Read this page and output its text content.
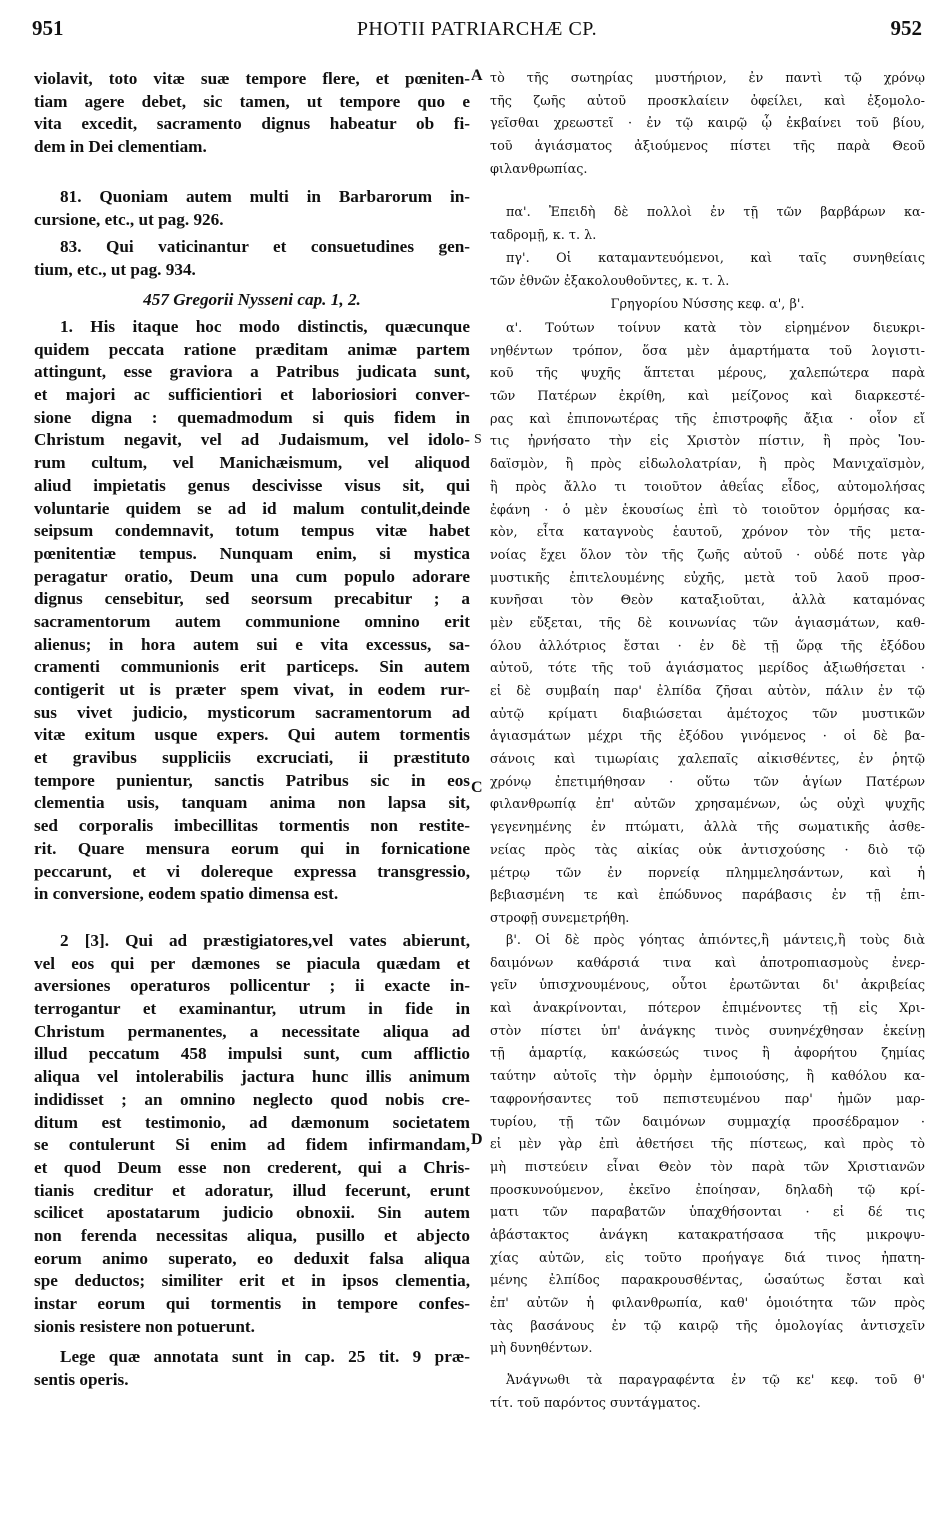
951	PHOTII PATRIARCHÆ CP.	952
A
S
C
D
violavit, toto vitæ suæ tempore flere, et pœniten-
tiam agere debet, sic tamen, ut tempore quo e
vita excedit, sacramento dignus habeatur ob fi-
dem in Dei clementiam.
81. Quoniam autem multi in Barbarorum in-
cursione, etc., ut pag. 926.
83. Qui vaticinantur et consuetudines gen-
tium, etc., ut pag. 934.
457 Gregorii Nysseni cap. 1, 2.
1. His itaque hoc modo distinctis, quæcunque
quidem peccata ratione præditam animæ partem
attingunt, esse graviora a Patribus judicata sunt,
et majori ac sufficientiori et laboriosiori conver-
sione digna : quemadmodum si quis fidem in
Christum negavit, vel ad Judaismum, vel idolo-
rum cultum, vel Manichæismum, vel aliquod
aliud impietatis genus descivisse visus sit, qui
voluntarie quidem se ad id malum contulit,deinde
seipsum condemnavit, totum tempus vitæ habet
pœnitentiæ tempus. Nunquam enim, si mystica
peragatur oratio, Deum una cum populo adorare
dignus censebitur, sed seorsum precabitur ; a
sacramentorum autem communione omnino erit
alienus; in hora autem sui e vita excessus, sa-
cramenti communionis erit particeps. Sin autem
contigerit ut is præter spem vivat, in eodem rur-
sus vivet judicio, mysticorum sacramentorum ad
vitæ exitum usque expers. Qui autem tormentis
et gravibus suppliciis excruciati, ii præstituto
tempore punientur, sanctis Patribus sic in eos
clementia usis, tanquam anima non lapsa sit,
sed corporalis imbecillitas tormentis non restite-
rit. Quare mensura eorum qui in fornicatione
peccarunt, et vi dolereque expressa transgressio,
in conversione, eodem spatio dimensa est.
2 [3]. Qui ad præstigiatores,vel vates abierunt,
vel eos qui per dæmones se piacula quædam et
aversiones operaturos pollicentur ; ii exacte in-
terrogantur et examinantur, utrum in fide in
Christum permanentes, a necessitate aliqua ad
illud peccatum 458 impulsi sunt, cum afflictio
aliqua vel intolerabilis jactura hunc illis animum
indidisset ; an omnino neglecto quod nobis cre-
ditum est testimonio, ad dæmonum societatem
se contulerunt Si enim ad fidem infirmandam,
et quod Deum esse non crederent, qui a Chris-
tianis creditur et adoratur, illud fecerunt, erunt
scilicet apostatarum judicio obnoxii. Sin autem
non ferenda necessitas aliqua, pusillo et abjecto
eorum animo superato, eo deduxit falsa aliqua
spe deductos; similiter erit et in ipsos clementia,
instar eorum qui tormentis in tempore confes-
sionis resistere non potuerunt.
Lege quæ annotata sunt in cap. 25 tit. 9 præ-
sentis operis.
τὸ τῆς σωτηρίας μυστήριον, ἐν παντὶ τῷ χρόνῳ
τῆς ζωῆς αὐτοῦ προσκλαίειν ὀφείλει, καὶ ἐξομολο-
γεῖσθαι χρεωστεῖ · ἐν τῷ καιρῷ ᾧ ἐκβαίνει τοῦ βίου,
τοῦ ἁγιάσματος ἀξιούμενος πίστει τῆς παρὰ Θεοῦ
φιλανθρωπίας.
πα'. Ἐπειδὴ δὲ πολλοὶ ἐν τῇ τῶν βαρβάρων κα-
ταδρομῇ, κ. τ. λ.
πγ'. Οἱ καταμαντευόμενοι, καὶ ταῖς συνηθείαις
τῶν ἐθνῶν ἐξακολουθοῦντες, κ. τ. λ.
Γρηγορίου Νύσσης κεφ. α', β'.
α'. Τούτων τοίνυν κατὰ τὸν εἰρημένον διευκρι-
νηθέντων τρόπον, ὅσα μὲν ἁμαρτήματα τοῦ λογιστι-
κοῦ τῆς ψυχῆς ἅπτεται μέρους, χαλεπώτερα παρὰ
τῶν Πατέρων ἐκρίθη, καὶ μείζονος καὶ διαρκεστέ-
ρας καὶ ἐπιπονωτέρας τῆς ἐπιστροφῆς ἄξια · οἷον εἴ
τις ἠρνήσατο τὴν εἰς Χριστὸν πίστιν, ἢ πρὸς Ἰου-
δαϊσμὸν, ἢ πρὸς εἰδωλολατρίαν, ἢ πρὸς Μανιχαϊσμὸν,
ἢ πρὸς ἄλλο τι τοιοῦτον ἀθεΐας εἶδος, αὐτομολήσας
ἐφάνη · ὁ μὲν ἑκουσίως ἐπὶ τὸ τοιοῦτον ὁρμήσας κα-
κὸν, εἶτα καταγνοὺς ἑαυτοῦ, χρόνον τὸν τῆς μετα-
νοίας ἔχει ὅλον τὸν τῆς ζωῆς αὐτοῦ · οὐδέ ποτε γὰρ
μυστικῆς ἐπιτελουμένης εὐχῆς, μετὰ τοῦ λαοῦ προσ-
κυνῆσαι τὸν Θεὸν καταξιοῦται, ἀλλὰ καταμόνας
μὲν εὔξεται, τῆς δὲ κοινωνίας τῶν ἁγιασμάτων, καθ-
όλου ἀλλότριος ἔσται · ἐν δὲ τῇ ὥρᾳ τῆς ἐξόδου
αὐτοῦ, τότε τῆς τοῦ ἁγιάσματος μερίδος ἀξιωθήσεται ·
εἰ δὲ συμβαίη παρ' ἐλπίδα ζῆσαι αὐτὸν, πάλιν ἐν τῷ
αὐτῷ κρίματι διαβιώσεται ἀμέτοχος τῶν μυστικῶν
ἁγιασμάτων μέχρι τῆς ἐξόδου γινόμενος · οἱ δὲ βα-
σάνοις καὶ τιμωρίαις χαλεπαῖς αἰκισθέντες, ἐν ῥητῷ
χρόνῳ ἐπετιμήθησαν · οὕτω τῶν ἁγίων Πατέρων
φιλανθρωπίᾳ ἐπ' αὐτῶν χρησαμένων, ὡς οὐχὶ ψυχῆς
γεγενημένης ἐν πτώματι, ἀλλὰ τῆς σωματικῆς ἀσθε-
νείας πρὸς τὰς αἰκίας οὐκ ἀντισχούσης · διὸ τῷ
μέτρῳ τῶν ἐν πορνείᾳ πλημμελησάντων, καὶ ἡ
βεβιασμένη τε καὶ ἐπώδυνος παράβασις ἐν τῇ ἐπι-
στροφῇ συνεμετρήθη.
β'. Οἱ δὲ πρὸς γόητας ἀπιόντες,ἢ μάντεις,ἢ τοὺς διὰ
δαιμόνων καθάρσιά τινα καὶ ἀποτροπιασμοὺς ἐνερ-
γεῖν ὑπισχνουμένους, οὗτοι ἐρωτῶνται δι' ἀκριβείας
καὶ ἀνακρίνονται, πότερον ἐπιμένοντες τῇ εἰς Χρι-
στὸν πίστει ὑπ' ἀνάγκης τινὸς συνηνέχθησαν ἐκείνῃ
τῇ ἁμαρτίᾳ, κακώσεώς τινος ἢ ἀφορήτου ζημίας
ταύτην αὐτοῖς τὴν ὁρμὴν ἐμποιούσης, ἢ καθόλου κα-
ταφρονήσαντες τοῦ πεπιστευμένου παρ' ἡμῶν μαρ-
τυρίου, τῇ τῶν δαιμόνων συμμαχίᾳ προσέδραμον ·
εἰ μὲν γὰρ ἐπὶ ἀθετήσει τῆς πίστεως, καὶ πρὸς τὸ
μὴ πιστεύειν εἶναι Θεὸν τὸν παρὰ τῶν Χριστιανῶν
προσκυνούμενον, ἐκεῖνο ἐποίησαν, δηλαδὴ τῷ κρί-
ματι τῶν παραβατῶν ὑπαχθήσονται · εἰ δέ τις
ἀβάστακτος ἀνάγκη κατακρατήσασα τῆς μικροψυ-
χίας αὐτῶν, εἰς τοῦτο προήγαγε διά τινος ἠπατη-
μένης ἐλπίδος παρακρουσθέντας, ὡσαύτως ἔσται καὶ
ἐπ' αὐτῶν ἡ φιλανθρωπία, καθ' ὁμοιότητα τῶν πρὸς
τὰς βασάνους ἐν τῷ καιρῷ τῆς ὁμολογίας ἀντισχεῖν
μὴ δυνηθέντων.
Ἀνάγνωθι τὰ παραγραφέντα ἐν τῷ κε' κεφ. τοῦ θ'
τίτ. τοῦ παρόντος συντάγματος.
